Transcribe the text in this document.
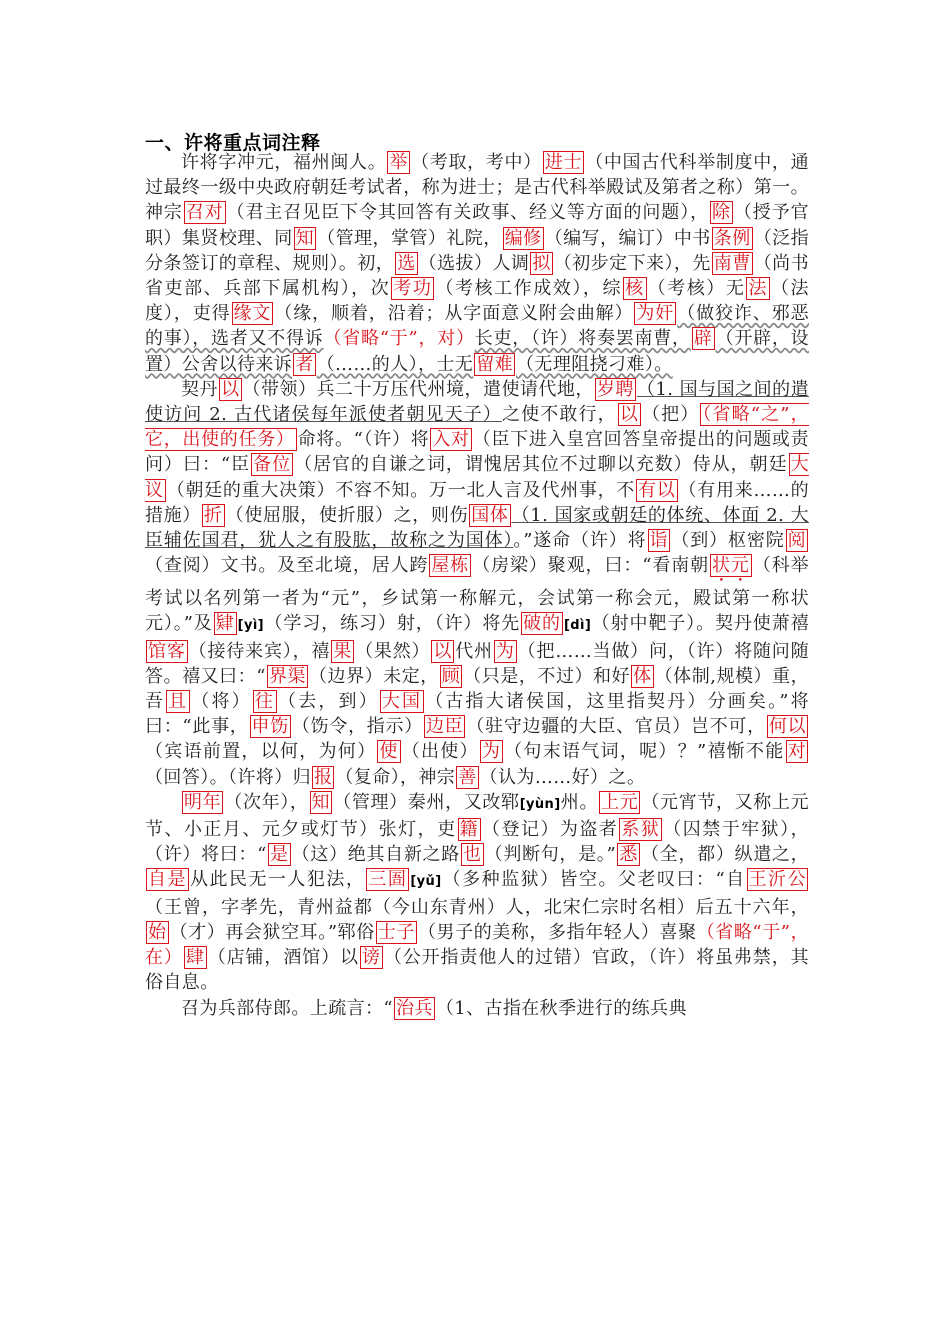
一、许将重点词注释

许将字冲元，福州闽人。 举 （考取，考中） 进士 （中国古代科举制度中，通过最终一级中央政府朝廷考试者，称为进士；是古代科举殿试及第者之称）第一。神宗 召对 （君主召见臣下令其回答有关政事、经义等方面的问题）， 除 （授予官职）集贤校理、同 知 （管理，掌管）礼院， 编修 （编写，编订）中书 条例 （泛指分条签订的章程、规则）。初， 选 （选拔）人调 拟 （初步定下来），先 南曹 （尚书省吏部、兵部下属机构），次 考功 （考核工作成效），综 核 （考核）无 法 （法度），吏得 缘文 （缘，顺着，沿着；从字面意义附会曲解） 为奸 （做狡诈、邪恶的事），选者又不得诉（省略“于”，对）长吏，（许）将奏罢南曹， 辟 （开辟，设置）公舍以待来诉 者 （……的人），士无 留难 （无理阻挠刁难）。

契丹 以 （带领）兵二十万压代州境，遣使请代地， 岁聘 （1. 国与国之间的遣使访问 2. 古代诸侯每年派使者朝见天子）之使不敢行， 以 （把） （省略“之”，它，出使的任务） 命将。“（许）将 入对 （臣下进入皇宫回答皇帝提出的问题或责问）曰：“臣 备位 （居官的自谦之词，谓愧居其位不过聊以充数）侍从，朝廷 大议 （朝廷的重大决策）不容不知。万一北人言及代州事，不 有以 （有用来……的措施） 折 （使屈服，使折服）之，则伤 国体 （1. 国家或朝廷的体统、体面 2. 大臣辅佐国君，犹人之有股肱，故称之为国体）。”遂命（许）将 诣 （到）枢密院 阅（查阅）文书。及至北境，居人跨 屋栋 （房梁）聚观，曰：“看南朝 状元 （科举考试以名列第一者为“元”，乡试第一称解元，会试第一称会元，殿试第一称状元）。”及 肄 [yì]（学习，练习）射，（许）将先 破的 [dì]（射中靶子）。契丹使萧禧馆客 （接待来宾），禧 果 （果然） 以 代州 为 （把……当做）问，（许）将随问随答。禧又曰：“ 界渠 （边界）未定， 顾 （只是，不过）和好 体 （体制,规模）重，吾 且 （将） 往 （去，到） 大国 （古指大诸侯国，这里指契丹）分画矣。”将曰：“此事， 申饬 （饬令，指示） 边臣 （驻守边疆的大臣、官员）岂不可， 何以（宾语前置，以何，为何） 使 （出使） 为 （句末语气词，呢）？”禧惭不能 对（回答）。（许将）归 报 （复命），神宗 善 （认为……好）之。

明年 （次年）， 知 （管理）秦州，又改郓[yùn]州。 上元 （元宵节，又称上元节、小正月、元夕或灯节）张灯，吏 籍 （登记）为盗者 系狱 （囚禁于牢狱），（许）将曰：“ 是 （这）绝其自新之路 也 （判断句，是。” 悉 （全，都）纵遣之，自是 从此民无一人犯法， 三圄 [yǔ]（多种监狱）皆空。父老叹曰：“自 王沂公（王曾，字孝先，青州益都（今山东青州）人，北宋仁宗时名相）后五十六年，始 （才）再会狱空耳。”郓俗 士子 （男子的美称，多指年轻人）喜聚（省略“于”，在） 肆 （店铺，酒馆）以 谤 （公开指责他人的过错）官政，（许）将虽弗禁，其俗自息。

召为兵部侍郎。上疏言：“ 治兵 （1、古指在秋季进行的练兵典
